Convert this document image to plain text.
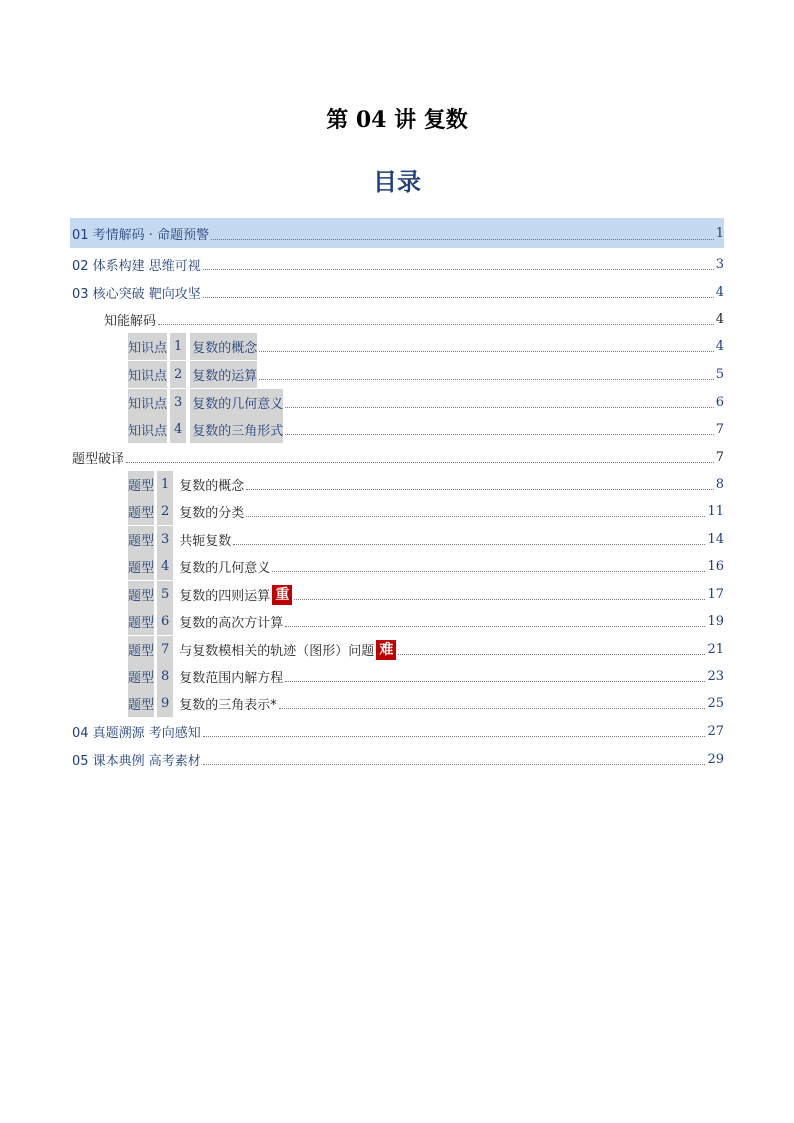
第 04 讲 复数
目录
01 考情解码 · 命题预警	1
02 体系构建 思维可视	3
03 核心突破 靶向攻坚	4
知能解码	4
知识点 1 复数的概念	4
知识点 2 复数的运算	5
知识点 3 复数的几何意义	6
知识点 4 复数的三角形式	7
题型破译	7
题型 1 复数的概念	8
题型 2 复数的分类	11
题型 3 共轭复数	14
题型 4 复数的几何意义	16
题型 5 复数的四则运算 重	17
题型 6 复数的高次方计算	19
题型 7 与复数模相关的轨迹（图形）问题 难	21
题型 8 复数范围内解方程	23
题型 9 复数的三角表示*	25
04 真题溯源 考向感知	27
05 课本典例 高考素材	29
